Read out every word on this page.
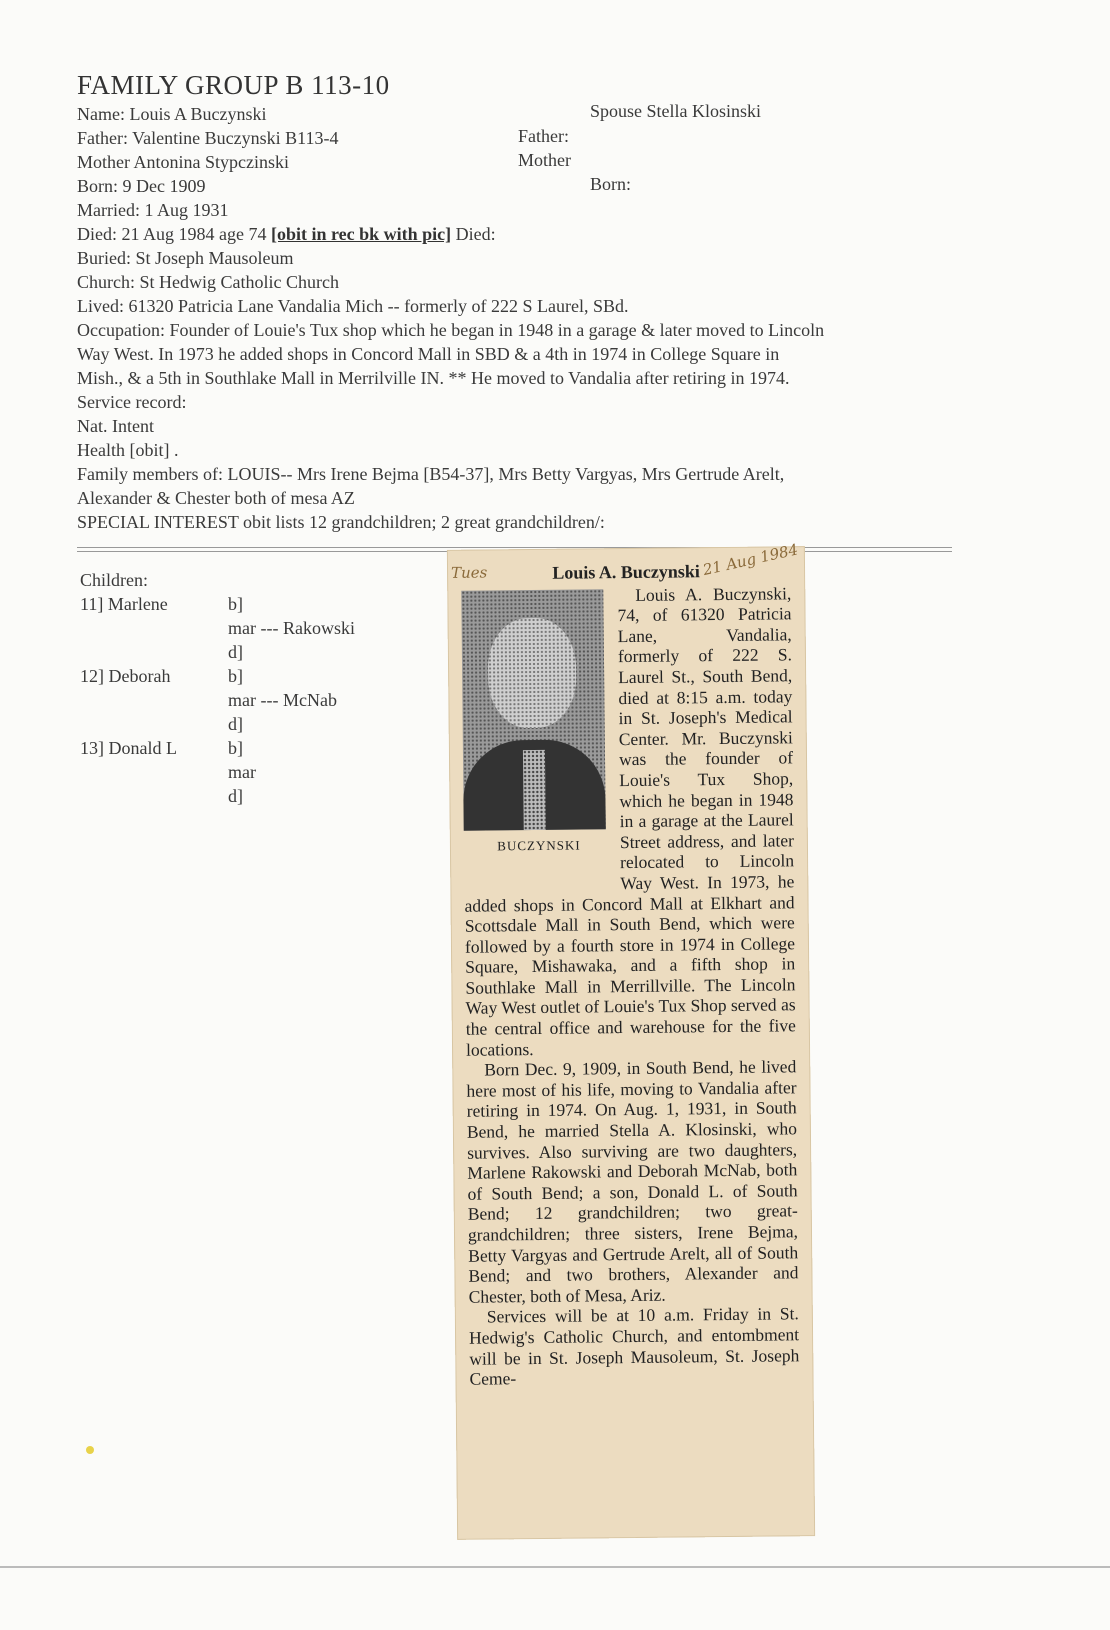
FAMILY GROUP B 113-10
Name: Louis A Buczynski	Spouse Stella Klosinski
Father: Valentine Buczynski B113-4	Father:
Mother Antonina Stypczinski	Mother
Born: 9 Dec 1909	Born:
Married: 1 Aug 1931
Died: 21 Aug 1984 age 74 [obit in rec bk with pic] Died:
Buried: St Joseph Mausoleum
Church: St Hedwig Catholic Church
Lived: 61320 Patricia Lane Vandalia Mich -- formerly of 222 S Laurel, SBd.
Occupation: Founder of Louie's Tux shop which he began in 1948 in a garage & later moved to Lincoln
Way West. In 1973 he added shops in Concord Mall in SBD & a 4th in 1974 in College Square in
Mish., & a 5th in Southlake Mall in Merrilville IN. ** He moved to Vandalia after retiring in 1974.
Service record:
Nat. Intent
Health [obit] .
Family members of: LOUIS-- Mrs Irene Bejma [B54-37], Mrs Betty Vargyas, Mrs Gertrude Arelt,
Alexander & Chester both of mesa AZ
SPECIAL INTEREST obit lists 12 grandchildren; 2 great grandchildren/:
Children:
11] Marlene	b]
mar --- Rakowski
d]
12] Deborah	b]
mar --- McNab
d]
13] Donald L	b]
mar
d]
Tues	21 Aug 1984
Louis A. Buczynski
BUCZYNSKI

Louis A. Buczynski, 74, of 61320 Patricia Lane, Vandalia, formerly of 222 S. Laurel St., South Bend, died at 8:15 a.m. today in St. Joseph's Medical Center. Mr. Buczynski was the founder of Louie's Tux Shop, which he began in 1948 in a garage at the Laurel Street address, and later relocated to Lincoln Way West. In 1973, he added shops in Concord Mall at Elkhart and Scottsdale Mall in South Bend, which were followed by a fourth store in 1974 in College Square, Mishawaka, and a fifth shop in Southlake Mall in Merrillville. The Lincoln Way West outlet of Louie's Tux Shop served as the central office and warehouse for the five locations.

Born Dec. 9, 1909, in South Bend, he lived here most of his life, moving to Vandalia after retiring in 1974. On Aug. 1, 1931, in South Bend, he married Stella A. Klosinski, who survives. Also surviving are two daughters, Marlene Rakowski and Deborah McNab, both of South Bend; a son, Donald L. of South Bend; 12 grandchildren; two great-grandchildren; three sisters, Irene Bejma, Betty Vargyas and Gertrude Arelt, all of South Bend; and two brothers, Alexander and Chester, both of Mesa, Ariz.

Services will be at 10 a.m. Friday in St. Hedwig's Catholic Church, and entombment will be in St. Joseph Mausoleum, St. Joseph Ceme-
